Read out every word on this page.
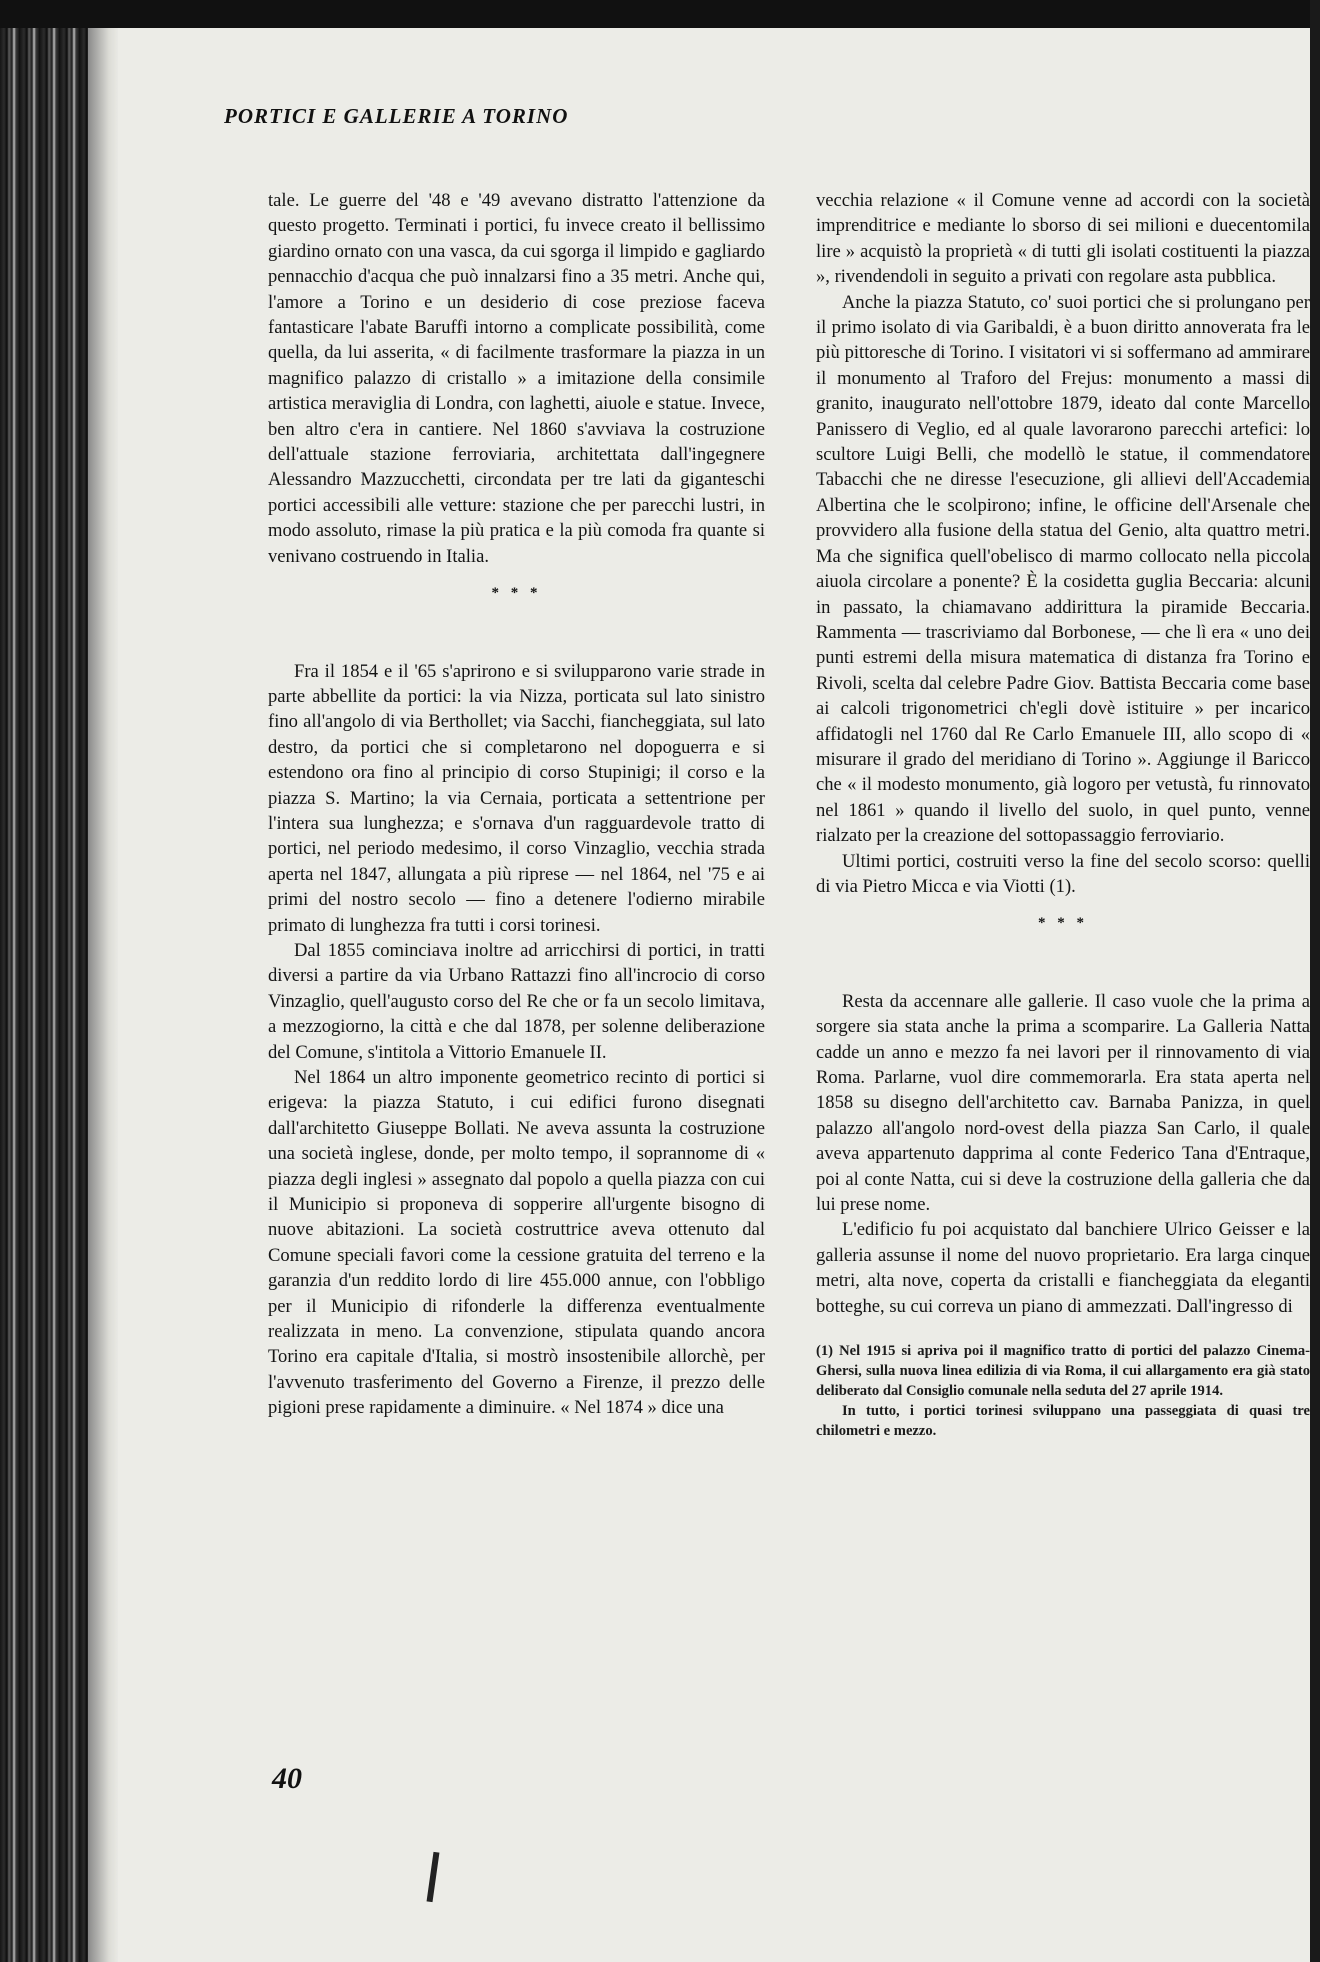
PORTICI E GALLERIE A TORINO

tale. Le guerre del '48 e '49 avevano distratto l'attenzione da questo progetto. Terminati i portici, fu invece creato il bellissimo giardino ornato con una vasca, da cui sgorga il limpido e gagliardo pennacchio d'acqua che può innalzarsi fino a 35 metri. Anche qui, l'amore a Torino e un desiderio di cose preziose faceva fantasticare l'abate Baruffi intorno a complicate possibilità, come quella, da lui asserita, « di facilmente trasformare la piazza in un magnifico palazzo di cristallo » a imitazione della consimile artistica meraviglia di Londra, con laghetti, aiuole e statue. Invece, ben altro c'era in cantiere. Nel 1860 s'avviava la costruzione dell'attuale stazione ferroviaria, architettata dall'ingegnere Alessandro Mazzucchetti, circondata per tre lati da giganteschi portici accessibili alle vetture: stazione che per parecchi lustri, in modo assoluto, rimase la più pratica e la più comoda fra quante si venivano costruendo in Italia.

* * *

Fra il 1854 e il '65 s'aprirono e si svilupparono varie strade in parte abbellite da portici: la via Nizza, porticata sul lato sinistro fino all'angolo di via Berthollet; via Sacchi, fiancheggiata, sul lato destro, da portici che si completarono nel dopoguerra e si estendono ora fino al principio di corso Stupinigi; il corso e la piazza S. Martino; la via Cernaia, porticata a settentrione per l'intera sua lunghezza; e s'ornava d'un ragguardevole tratto di portici, nel periodo medesimo, il corso Vinzaglio, vecchia strada aperta nel 1847, allungata a più riprese — nel 1864, nel '75 e ai primi del nostro secolo — fino a detenere l'odierno mirabile primato di lunghezza fra tutti i corsi torinesi.

Dal 1855 cominciava inoltre ad arricchirsi di portici, in tratti diversi a partire da via Urbano Rattazzi fino all'incrocio di corso Vinzaglio, quell'augusto corso del Re che or fa un secolo limitava, a mezzogiorno, la città e che dal 1878, per solenne deliberazione del Comune, s'intitola a Vittorio Emanuele II.

Nel 1864 un altro imponente geometrico recinto di portici si erigeva: la piazza Statuto, i cui edifici furono disegnati dall'architetto Giuseppe Bollati. Ne aveva assunta la costruzione una società inglese, donde, per molto tempo, il soprannome di « piazza degli inglesi » assegnato dal popolo a quella piazza con cui il Municipio si proponeva di sopperire all'urgente bisogno di nuove abitazioni. La società costruttrice aveva ottenuto dal Comune speciali favori come la cessione gratuita del terreno e la garanzia d'un reddito lordo di lire 455.000 annue, con l'obbligo per il Municipio di rifonderle la differenza eventualmente realizzata in meno. La convenzione, stipulata quando ancora Torino era capitale d'Italia, si mostrò insostenibile allorchè, per l'avvenuto trasferimento del Governo a Firenze, il prezzo delle pigioni prese rapidamente a diminuire. « Nel 1874 » dice una

vecchia relazione « il Comune venne ad accordi con la società imprenditrice e mediante lo sborso di sei milioni e duecentomila lire » acquistò la proprietà « di tutti gli isolati costituenti la piazza », rivendendoli in seguito a privati con regolare asta pubblica.

Anche la piazza Statuto, co' suoi portici che si prolungano per il primo isolato di via Garibaldi, è a buon diritto annoverata fra le più pittoresche di Torino. I visitatori vi si soffermano ad ammirare il monumento al Traforo del Frejus: monumento a massi di granito, inaugurato nell'ottobre 1879, ideato dal conte Marcello Panissero di Veglio, ed al quale lavorarono parecchi artefici: lo scultore Luigi Belli, che modellò le statue, il commendatore Tabacchi che ne diresse l'esecuzione, gli allievi dell'Accademia Albertina che le scolpirono; infine, le officine dell'Arsenale che provvidero alla fusione della statua del Genio, alta quattro metri. Ma che significa quell'obelisco di marmo collocato nella piccola aiuola circolare a ponente? È la cosidetta guglia Beccaria: alcuni in passato, la chiamavano addirittura la piramide Beccaria. Rammenta — trascriviamo dal Borbonese, — che lì era « uno dei punti estremi della misura matematica di distanza fra Torino e Rivoli, scelta dal celebre Padre Giov. Battista Beccaria come base ai calcoli trigonometrici ch'egli dovè istituire » per incarico affidatogli nel 1760 dal Re Carlo Emanuele III, allo scopo di « misurare il grado del meridiano di Torino ». Aggiunge il Baricco che « il modesto monumento, già logoro per vetustà, fu rinnovato nel 1861 » quando il livello del suolo, in quel punto, venne rialzato per la creazione del sottopassaggio ferroviario.

Ultimi portici, costruiti verso la fine del secolo scorso: quelli di via Pietro Micca e via Viotti (1).

* * *

Resta da accennare alle gallerie. Il caso vuole che la prima a sorgere sia stata anche la prima a scomparire. La Galleria Natta cadde un anno e mezzo fa nei lavori per il rinnovamento di via Roma. Parlarne, vuol dire commemorarla. Era stata aperta nel 1858 su disegno dell'architetto cav. Barnaba Panizza, in quel palazzo all'angolo nord-ovest della piazza San Carlo, il quale aveva appartenuto dapprima al conte Federico Tana d'Entraque, poi al conte Natta, cui si deve la costruzione della galleria che da lui prese nome.

L'edificio fu poi acquistato dal banchiere Ulrico Geisser e la galleria assunse il nome del nuovo proprietario. Era larga cinque metri, alta nove, coperta da cristalli e fiancheggiata da eleganti botteghe, su cui correva un piano di ammezzati. Dall'ingresso di

(1) Nel 1915 si apriva poi il magnifico tratto di portici del palazzo Cinema-Ghersi, sulla nuova linea edilizia di via Roma, il cui allargamento era già stato deliberato dal Consiglio comunale nella seduta del 27 aprile 1914.

In tutto, i portici torinesi sviluppano una passeggiata di quasi tre chilometri e mezzo.

40
